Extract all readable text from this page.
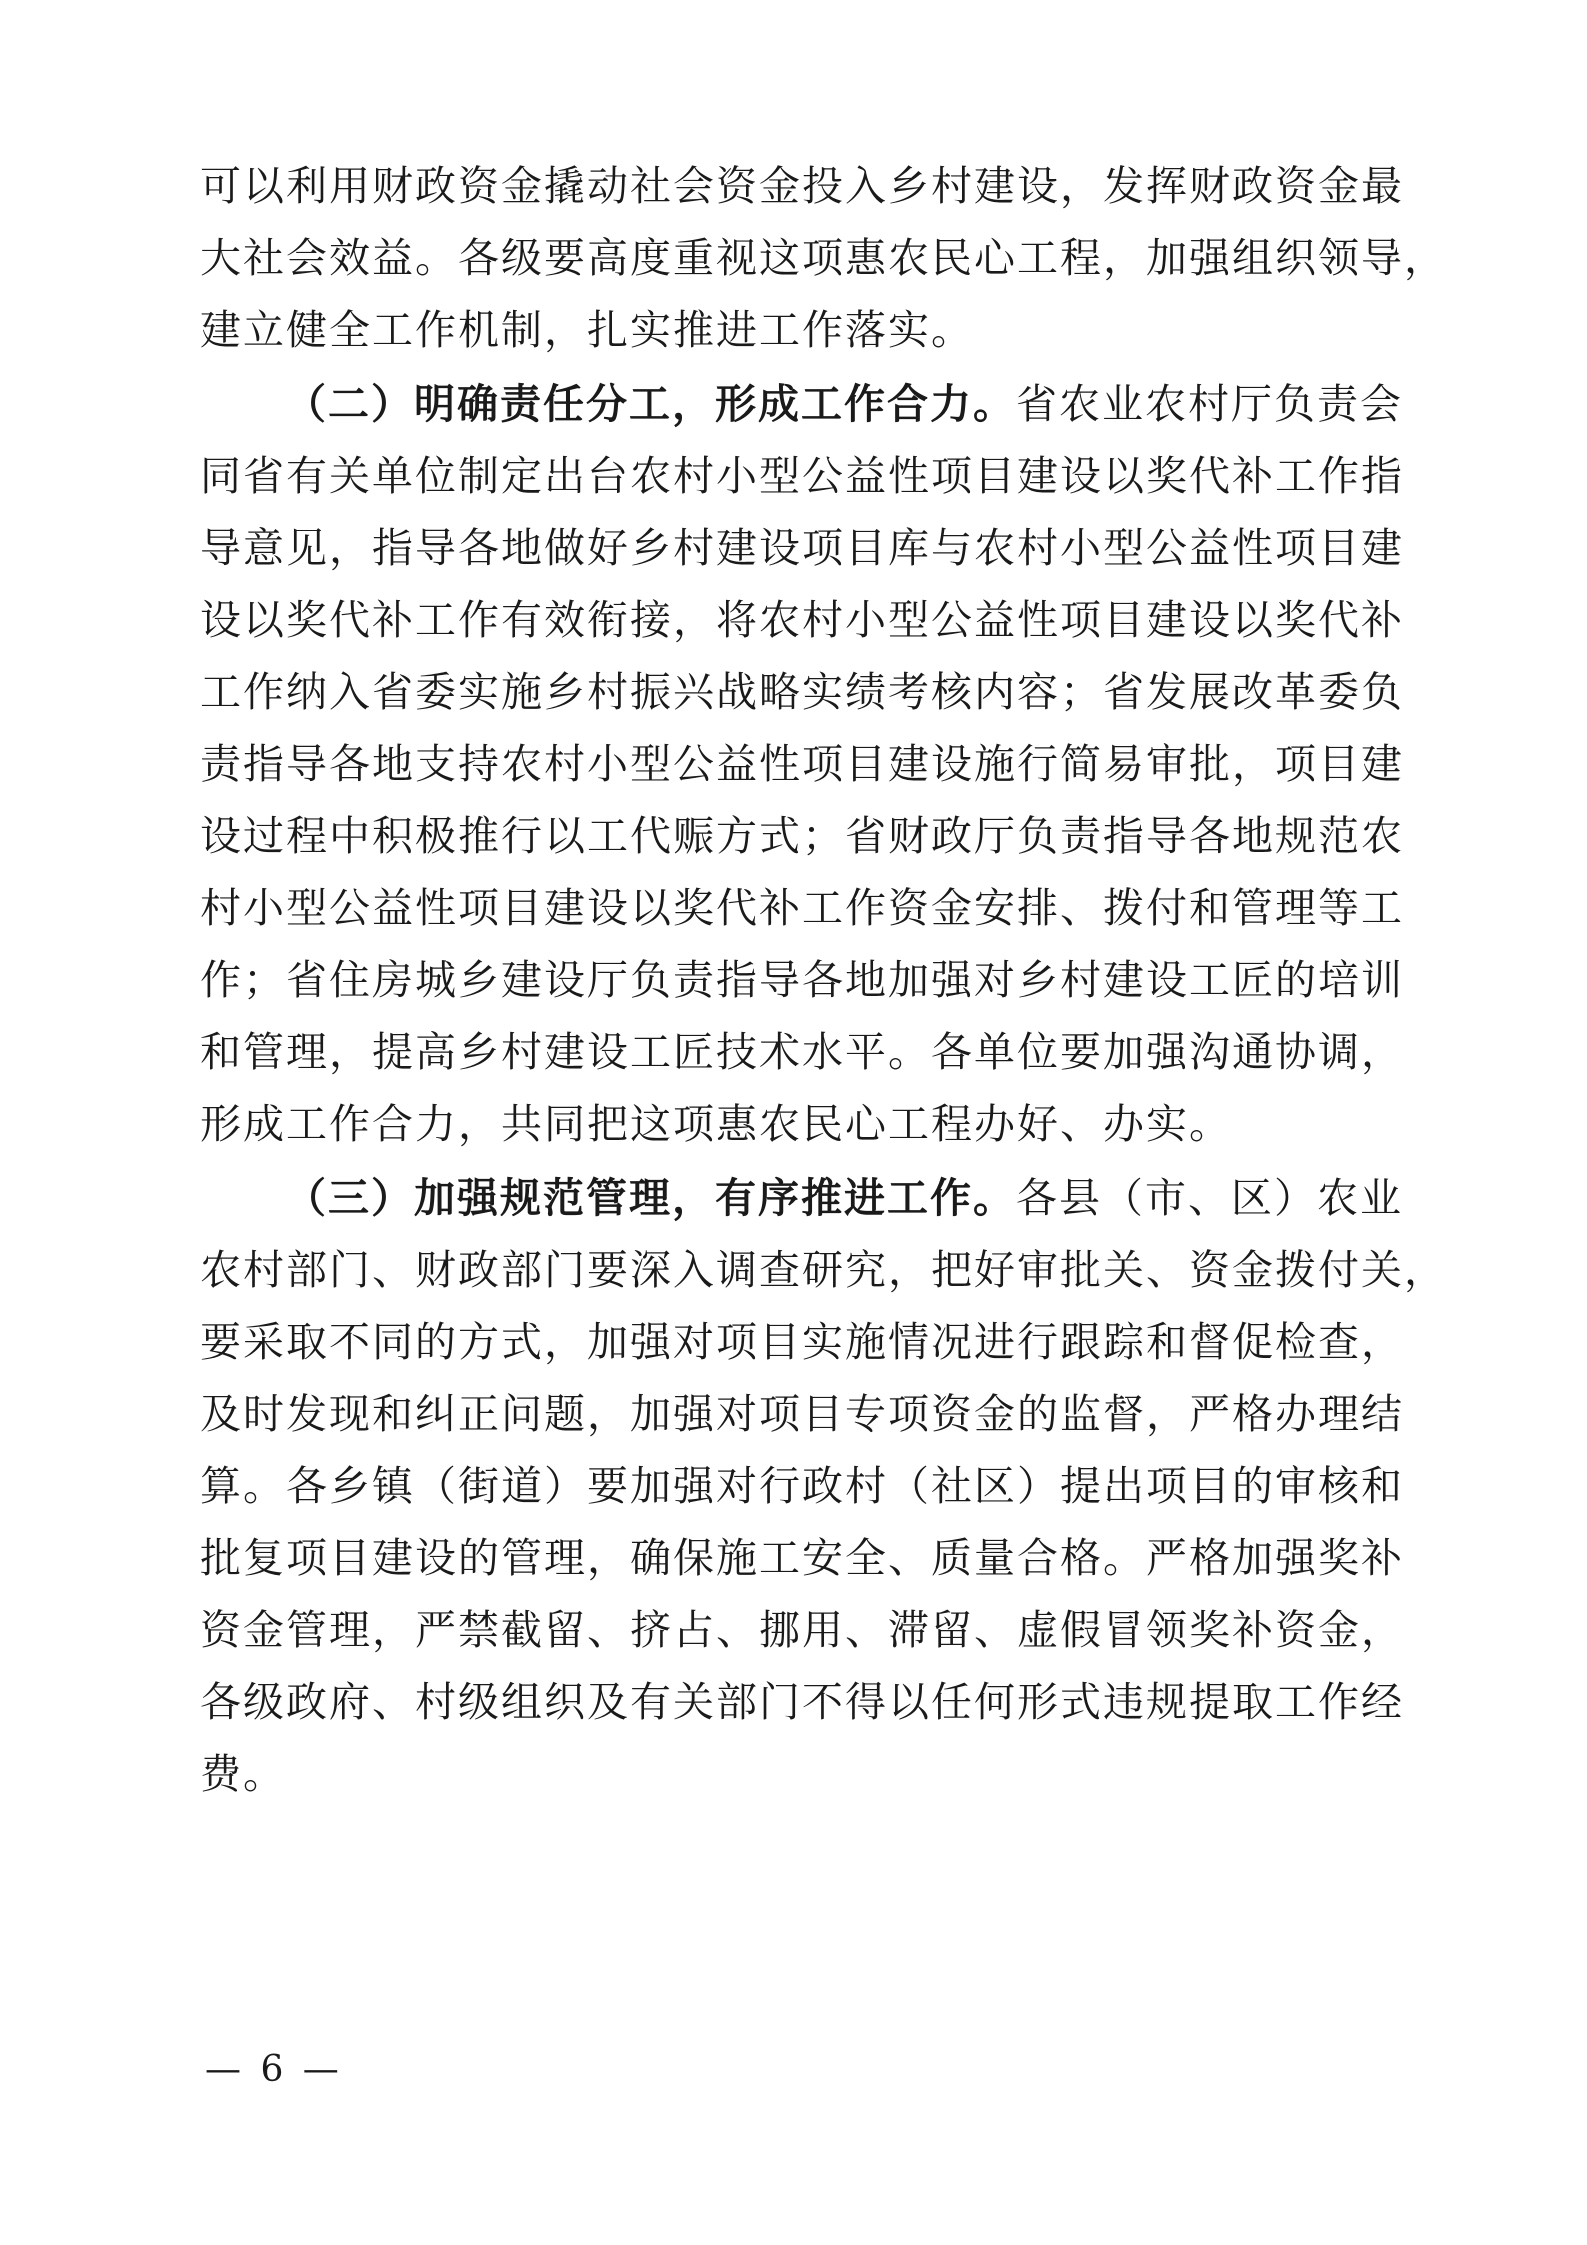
可以利用财政资金撬动社会资金投入乡村建设，发挥财政资金最
大社会效益。各级要高度重视这项惠农民心工程，加强组织领导，
建立健全工作机制，扎实推进工作落实。
（二）明确责任分工，形成工作合力。省农业农村厅负责会
同省有关单位制定出台农村小型公益性项目建设以奖代补工作指
导意见，指导各地做好乡村建设项目库与农村小型公益性项目建
设以奖代补工作有效衔接，将农村小型公益性项目建设以奖代补
工作纳入省委实施乡村振兴战略实绩考核内容；省发展改革委负
责指导各地支持农村小型公益性项目建设施行简易审批，项目建
设过程中积极推行以工代赈方式；省财政厅负责指导各地规范农
村小型公益性项目建设以奖代补工作资金安排、拨付和管理等工
作；省住房城乡建设厅负责指导各地加强对乡村建设工匠的培训
和管理，提高乡村建设工匠技术水平。各单位要加强沟通协调，
形成工作合力，共同把这项惠农民心工程办好、办实。
（三）加强规范管理，有序推进工作。各县（市、区）农业
农村部门、财政部门要深入调查研究，把好审批关、资金拨付关，
要采取不同的方式，加强对项目实施情况进行跟踪和督促检查，
及时发现和纠正问题，加强对项目专项资金的监督，严格办理结
算。各乡镇（街道）要加强对行政村（社区）提出项目的审核和
批复项目建设的管理，确保施工安全、质量合格。严格加强奖补
资金管理，严禁截留、挤占、挪用、滞留、虚假冒领奖补资金，
各级政府、村级组织及有关部门不得以任何形式违规提取工作经
费。
— 6 —
